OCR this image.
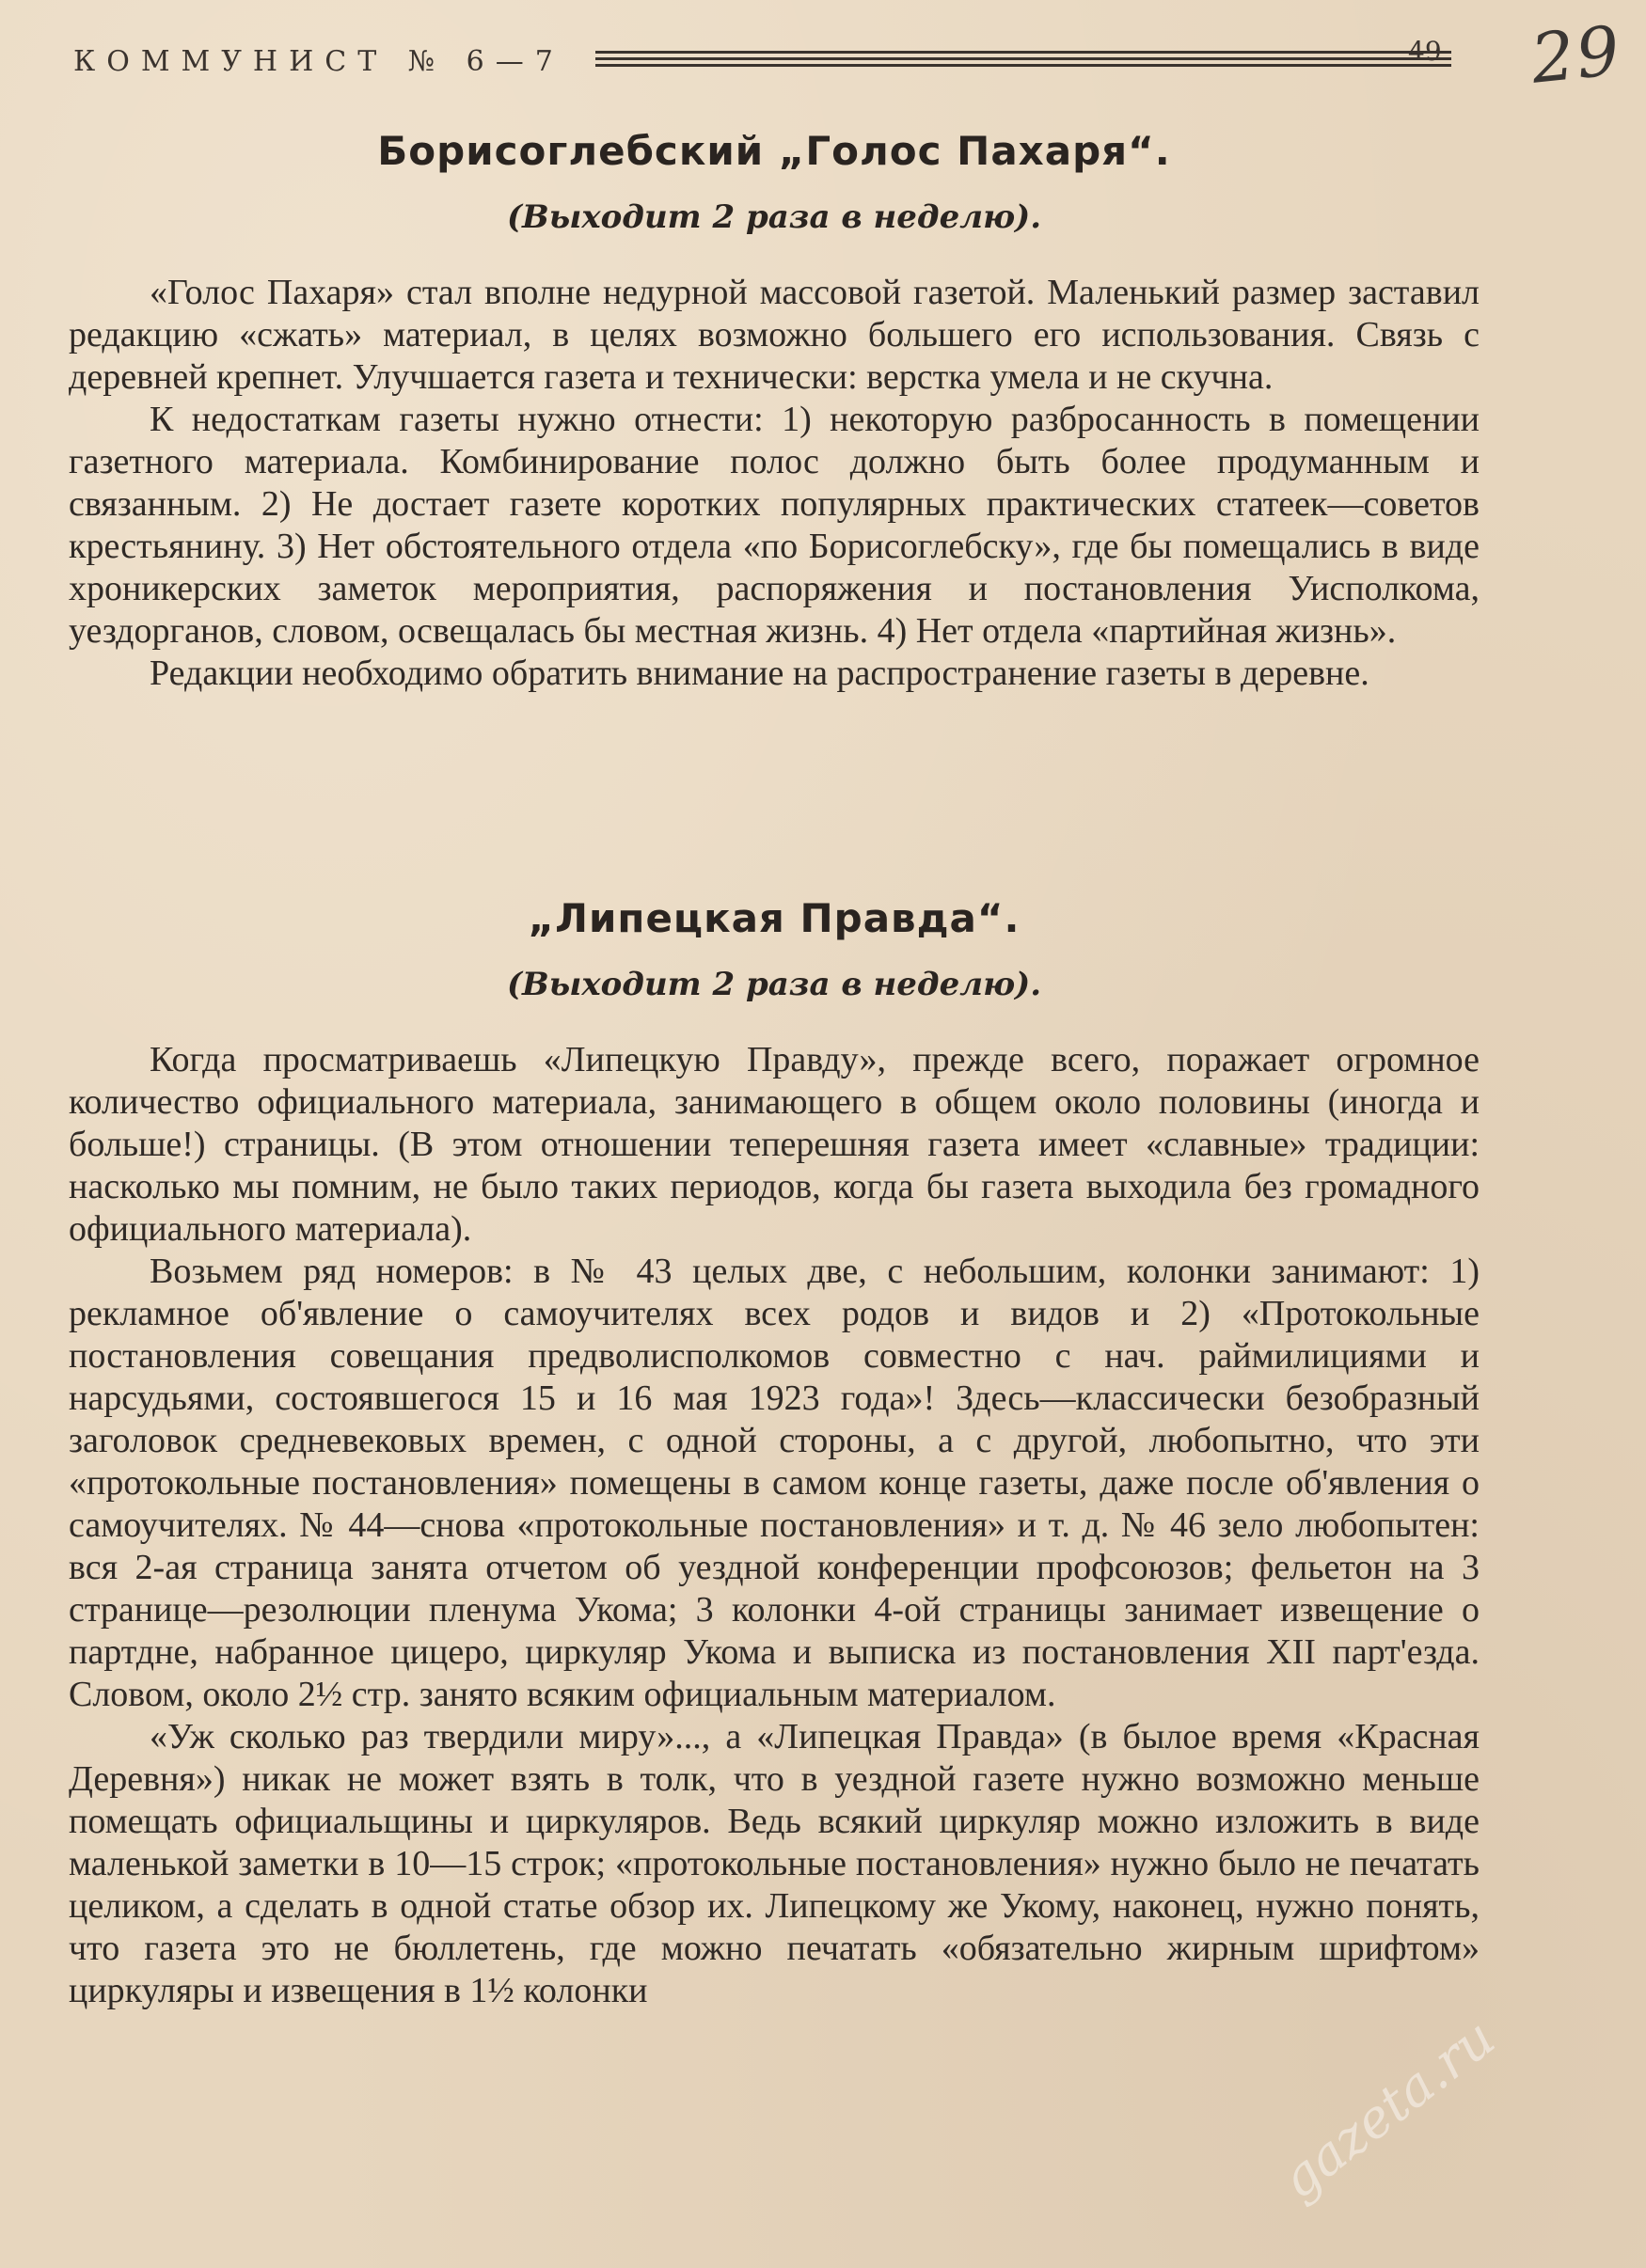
КОММУНИСТ № 6—7	49 29
Борисоглебский „Голос Пахаря“.

(Выходит 2 раза в неделю).

«Голос Пахаря» стал вполне недурной массовой газетой. Маленький размер заставил редакцию «сжать» материал, в целях возможно большего его использования. Связь с деревней крепнет. Улучшается газета и технически: верстка умела и не скучна.

К недостаткам газеты нужно отнести: 1) некоторую разбросанность в помещении газетного материала. Комбинирование полос должно быть более продуманным и связанным. 2) Не достает газете коротких популярных практических статеек—советов крестьянину. 3) Нет обстоятельного отдела «по Борисоглебску», где бы помещались в виде хроникерских заметок мероприятия, распоряжения и постановления Уисполкома, уездорганов, словом, освещалась бы местная жизнь. 4) Нет отдела «партийная жизнь».

Редакции необходимо обратить внимание на распространение газеты в деревне.

„Липецкая Правда“.

(Выходит 2 раза в неделю).

Когда просматриваешь «Липецкую Правду», прежде всего, поражает огромное количество официального материала, занимающего в общем около половины (иногда и больше!) страницы. (В этом отношении теперешняя газета имеет «славные» традиции: насколько мы помним, не было таких периодов, когда бы газета выходила без громадного официального материала).

Возьмем ряд номеров: в № 43 целых две, с небольшим, колонки занимают: 1) рекламное об'явление о самоучителях всех родов и видов и 2) «Протокольные постановления совещания предволисполкомов совместно с нач. раймилициями и нарсудьями, состоявшегося 15 и 16 мая 1923 года»! Здесь—классически безобразный заголовок средневековых времен, с одной стороны, а с другой, любопытно, что эти «протокольные постановления» помещены в самом конце газеты, даже после об'явления о самоучителях. № 44—снова «протокольные постановления» и т. д. № 46 зело любопытен: вся 2-ая страница занята отчетом об уездной конференции профсоюзов; фельетон на 3 странице—резолюции пленума Укома; 3 колонки 4-ой страницы занимает извещение о партдне, набранное цицеро, циркуляр Укома и выписка из постановления XII парт'езда. Словом, около 2½ стр. занято всяким официальным материалом.

«Уж сколько раз твердили миру»..., а «Липецкая Правда» (в былое время «Красная Деревня») никак не может взять в толк, что в уездной газете нужно возможно меньше помещать официальщины и циркуляров. Ведь всякий циркуляр можно изложить в виде маленькой заметки в 10—15 строк; «протокольные постановления» нужно было не печатать целиком, а сделать в одной статье обзор их. Липецкому же Укому, наконец, нужно понять, что газета это не бюллетень, где можно печатать «обязательно жирным шрифтом» циркуляры и извещения в 1½ колонки

gazeta.ru
